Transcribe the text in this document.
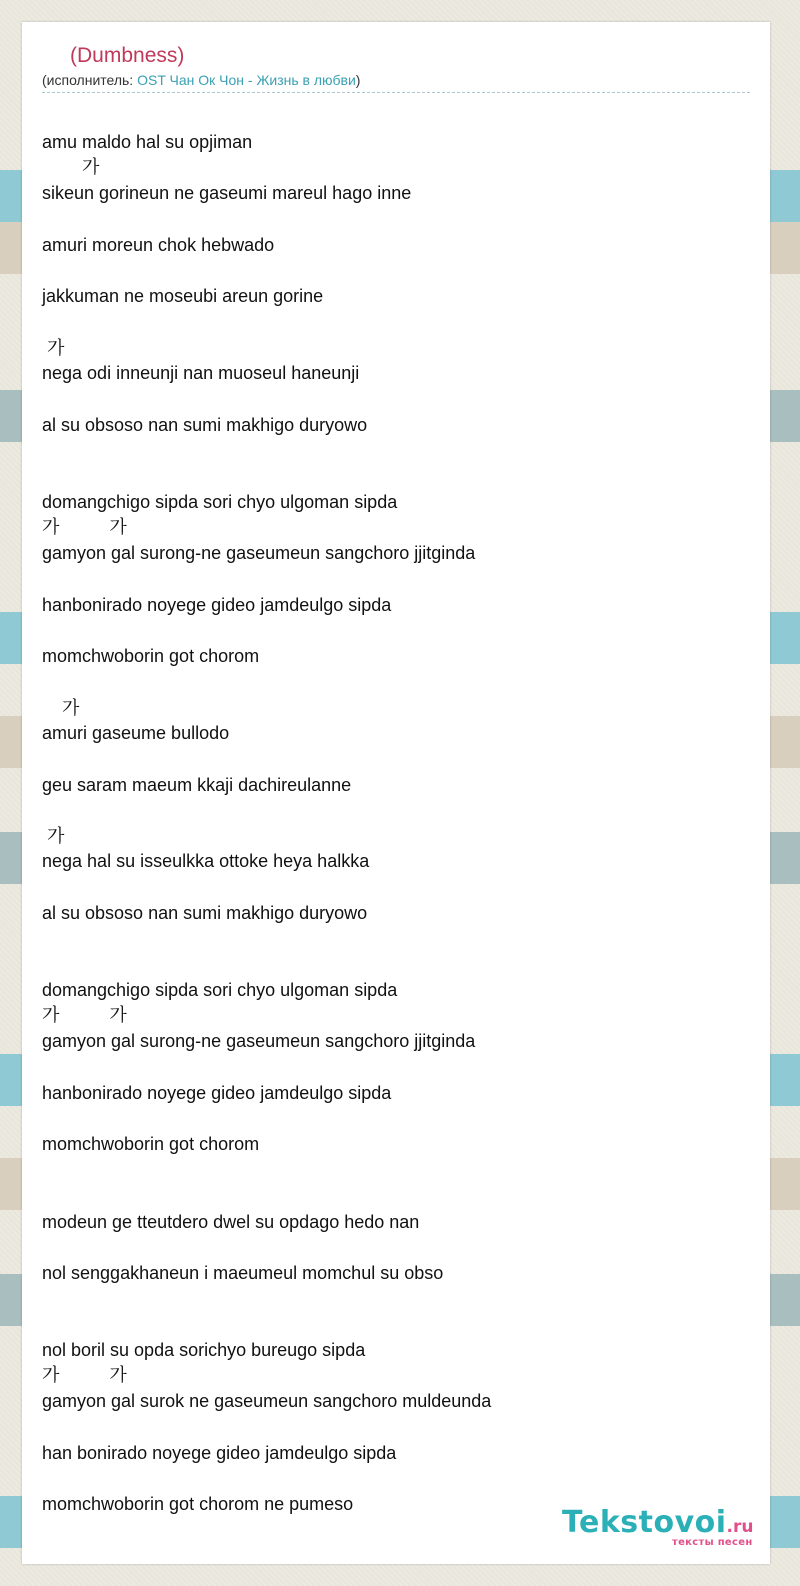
(Dumbness)
(исполнитель: OST Чан Ок Чон - Жизнь в любви)
amu maldo hal su opjiman
가
sikeun gorineun ne gaseumi mareul hago inne
amuri moreun chok hebwado
jakkuman ne moseubi areun gorine
가
nega odi inneunji nan muoseul haneunji
al su obsoso nan sumi makhigo duryowo
domangchigo sipda sori chyo ulgoman sipda
가          가
gamyon gal surong-ne gaseumeun sangchoro jjitginda
hanbonirado noyege gideo jamdeulgo sipda
momchwoborin got chorom
가
amuri gaseume bullodo
geu saram maeum kkaji dachireulanne
가
nega hal su isseulkka ottoke heya halkka
al su obsoso nan sumi makhigo duryowo
domangchigo sipda sori chyo ulgoman sipda
가          가
gamyon gal surong-ne gaseumeun sangchoro jjitginda
hanbonirado noyege gideo jamdeulgo sipda
momchwoborin got chorom
modeun ge tteutdero dwel su opdago hedo nan
nol senggakhaneun i maeumeul momchul su obso
nol boril su opda sorichyo bureugo sipda
가          가
gamyon gal surok ne gaseumeun sangchoro muldeunda
han bonirado noyege gideo jamdeulgo sipda
momchwoborin got chorom ne pumeso
Tekstovoi.ru
тексты песен
